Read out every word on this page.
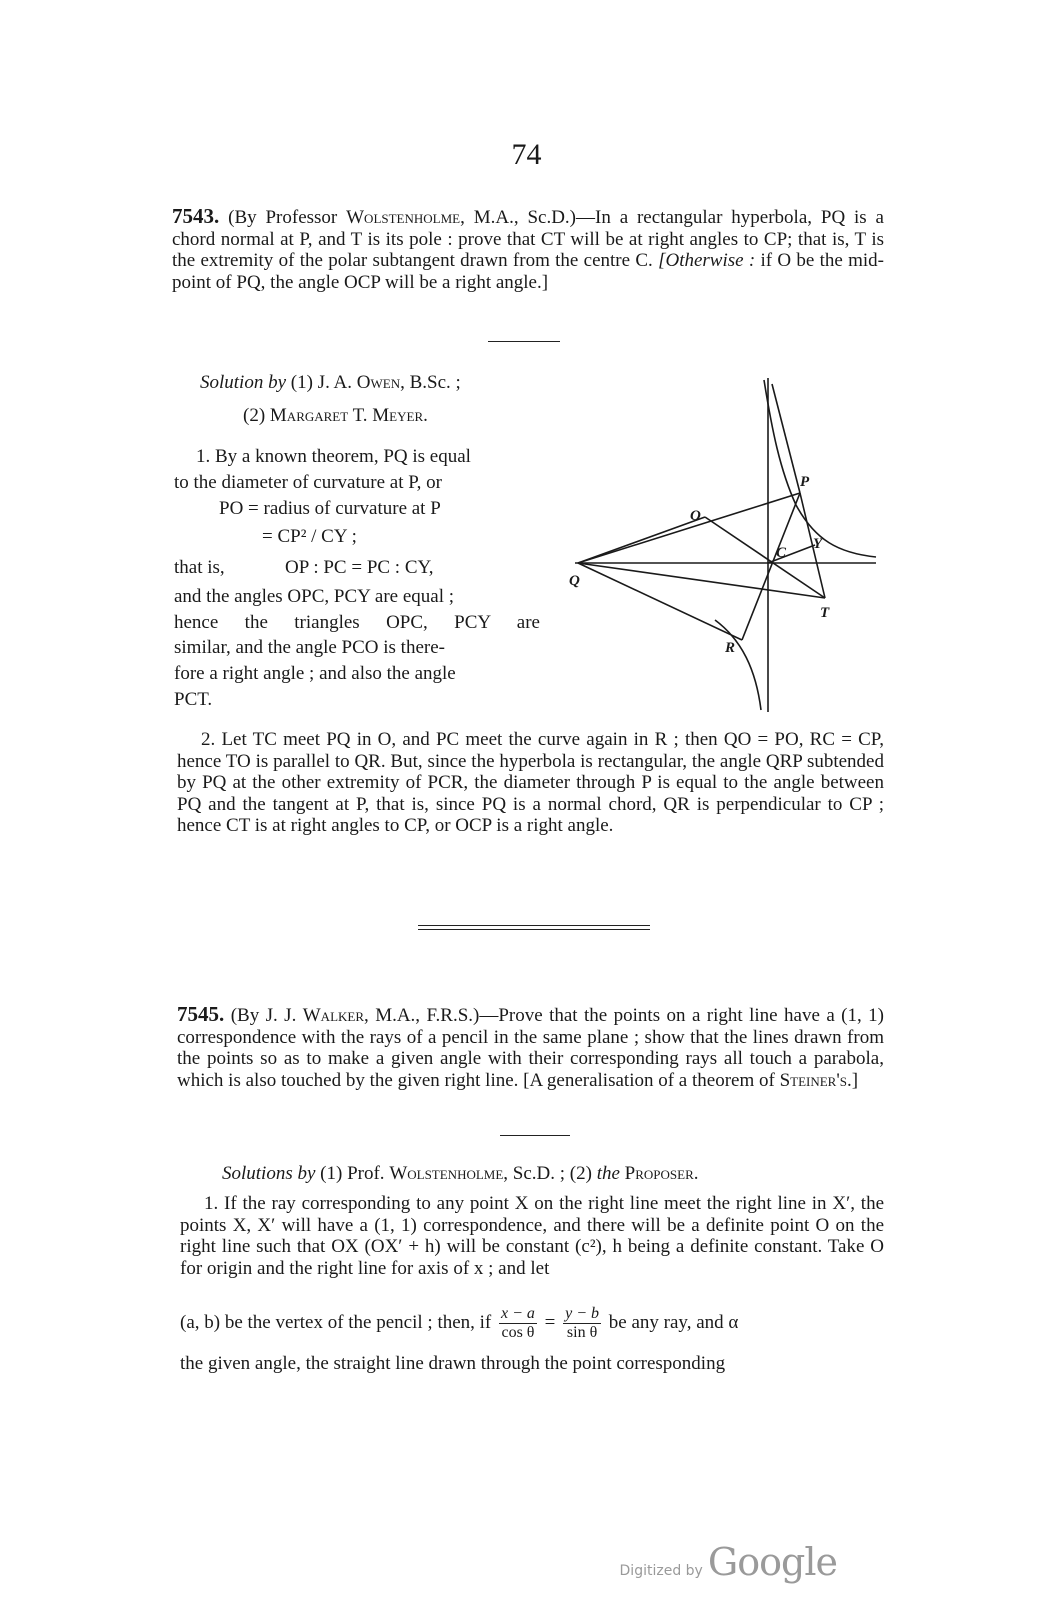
74
7543. (By Professor Wolstenholme, M.A., Sc.D.)—In a rectangular hyperbola, PQ is a chord normal at P, and T is its pole : prove that CT will be at right angles to CP; that is, T is the extremity of the polar subtangent drawn from the centre C. [Otherwise : if O be the mid-point of PQ, the angle OCP will be a right angle.]
Solution by (1) J. A. Owen, B.Sc. ;
(2) Margaret T. Meyer.
1. By a known theorem, PQ is equal
to the diameter of curvature at P, or
PO = radius of curvature at P
= CP² / CY ;
that is,	OP : PC = PC : CY,
and the angles OPC, PCY are equal ;
hence the triangles OPC, PCY are
similar, and the angle PCO is there-
fore a right angle ; and also the angle
PCT.
P
O
C
Y
Q
T
R
2. Let TC meet PQ in O, and PC meet the curve again in R ; then QO = PO, RC = CP, hence TO is parallel to QR. But, since the hyperbola is rectangular, the angle QRP subtended by PQ at the other extremity of PCR, the diameter through P is equal to the angle between PQ and the tangent at P, that is, since PQ is a normal chord, QR is perpendicular to CP ; hence CT is at right angles to CP, or OCP is a right angle.
7545. (By J. J. Walker, M.A., F.R.S.)—Prove that the points on a right line have a (1, 1) correspondence with the rays of a pencil in the same plane ; show that the lines drawn from the points so as to make a given angle with their corresponding rays all touch a parabola, which is also touched by the given right line. [A generalisation of a theorem of Steiner's.]
Solutions by (1) Prof. Wolstenholme, Sc.D. ; (2) the Proposer.
1. If the ray corresponding to any point X on the right line meet the right line in X′, the points X, X′ will have a (1, 1) correspondence, and there will be a definite point O on the right line such that OX (OX′ + h) will be constant (c²), h being a definite constant. Take O for origin and the right line for axis of x ; and let
(a, b) be the vertex of the pencil ; then, if $\frac{x - a}{\text{cos θ}} = \frac{y - b}{\text{sin θ}}$ be any ray, and α
the given angle, the straight line drawn through the point corresponding
Digitized by Google
